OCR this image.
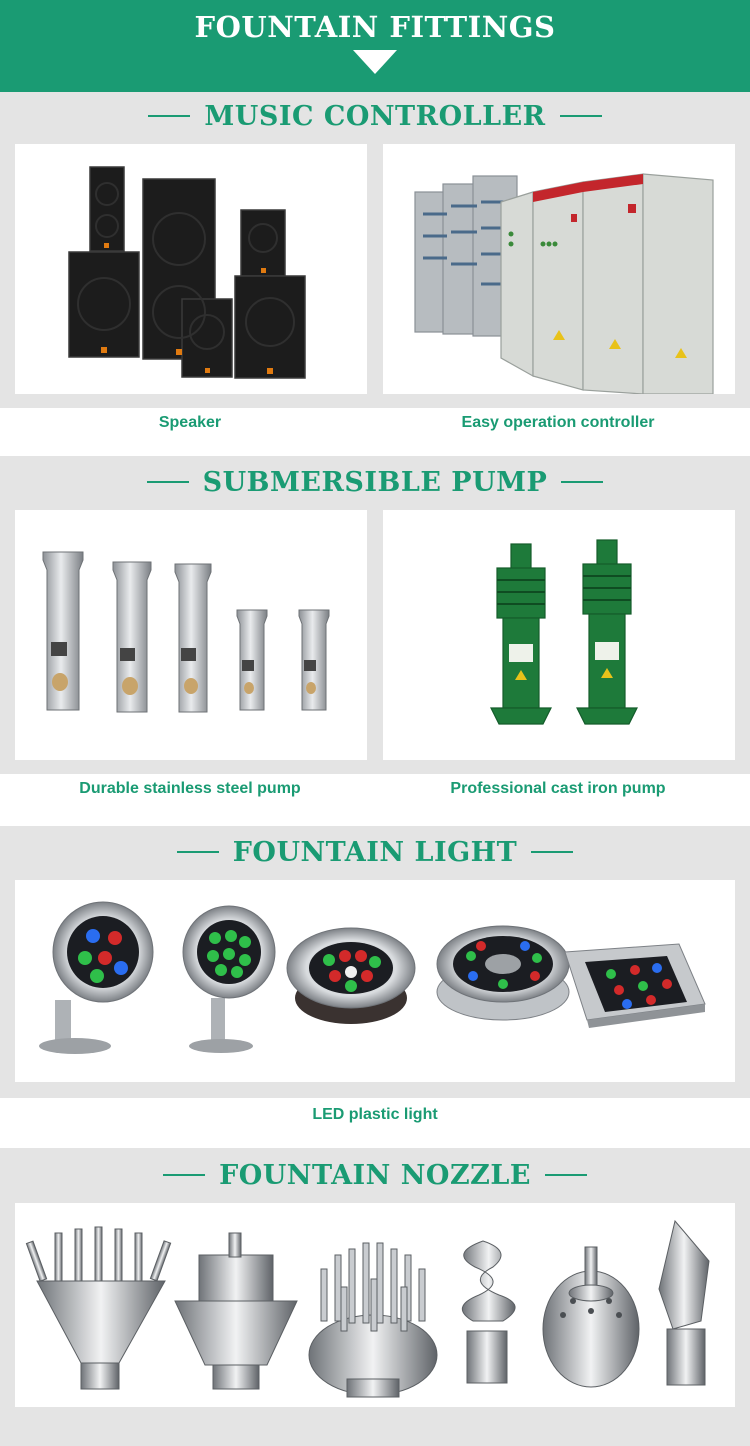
FOUNTAIN FITTINGS
MUSIC CONTROLLER
Speaker	Easy operation controller
SUBMERSIBLE PUMP
Durable stainless steel pump	Professional cast iron pump
FOUNTAIN LIGHT
LED plastic light
FOUNTAIN NOZZLE
